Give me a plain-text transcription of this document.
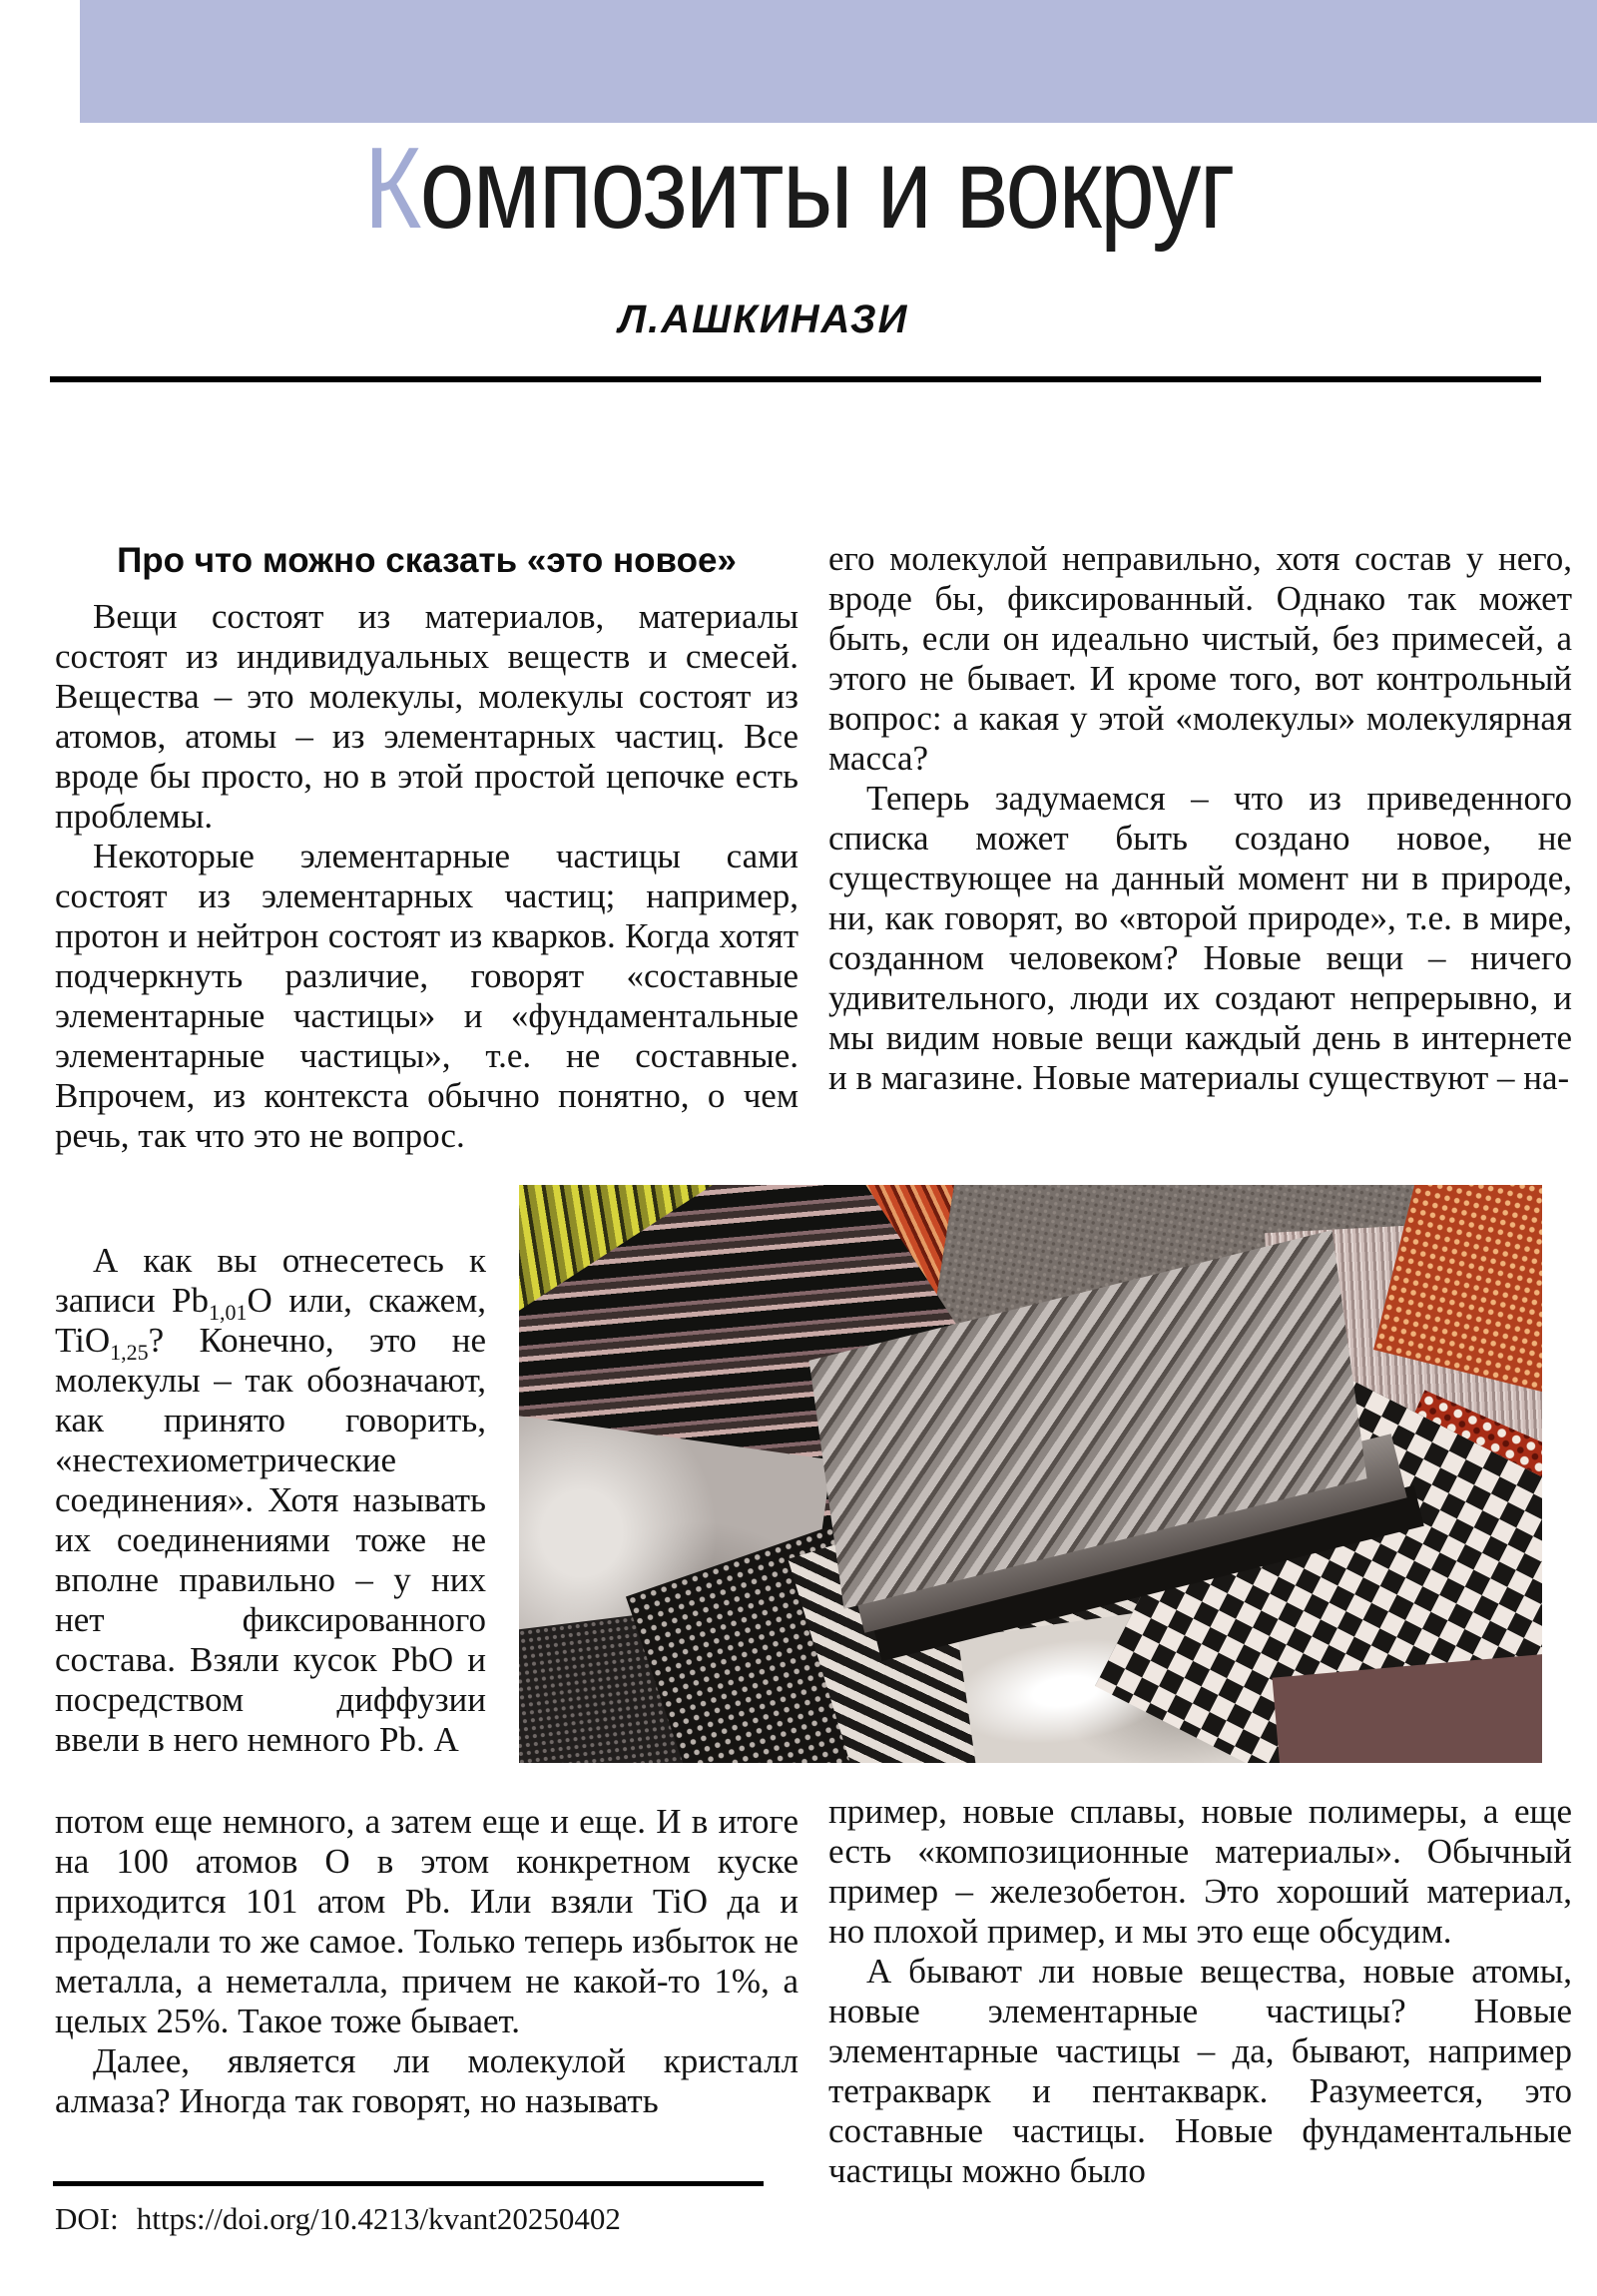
Композиты и вокруг
Л.АШКИНАЗИ
Про что можно сказать «это новое»

Вещи состоят из материалов, материалы состоят из индивидуальных веществ и смесей. Вещества – это молекулы, молекулы состоят из атомов, атомы – из элементарных частиц. Все вроде бы просто, но в этой простой цепочке есть проблемы.

Некоторые элементарные частицы сами состоят из элементарных частиц; например, протон и нейтрон состоят из кварков. Когда хотят подчеркнуть различие, говорят «составные элементарные частицы» и «фундаментальные элементарные частицы», т.е. не составные. Впрочем, из контекста обычно понятно, о чем речь, так что это не вопрос.

А как вы отнесетесь к записи $Pb_{1,01}O$ или, скажем, TiO$_{1,25}$? Конечно, это не молекулы – так обозначают, как принято говорить, «нестехиометрические соединения». Хотя называть их соединениями тоже не вполне правильно – у них нет фиксированного состава. Взяли кусок PbO и посредством диффузии ввели в него немного Pb. А

потом еще немного, а затем еще и еще. И в итоге на 100 атомов О в этом конкретном куске приходится 101 атом Pb. Или взяли TiO да и проделали то же самое. Только теперь избыток не металла, а неметалла, причем не какой-то 1%, а целых 25%. Такое тоже бывает.

Далее, является ли молекулой кристалл алмаза? Иногда так говорят, но называть

его молекулой неправильно, хотя состав у него, вроде бы, фиксированный. Однако так может быть, если он идеально чистый, без примесей, а этого не бывает. И кроме того, вот контрольный вопрос: а какая у этой «молекулы» молекулярная масса?

Теперь задумаемся – что из приведенного списка может быть создано новое, не существующее на данный момент ни в природе, ни, как говорят, во «второй природе», т.е. в мире, созданном человеком? Новые вещи – ничего удивительного, люди их создают непрерывно, и мы видим новые вещи каждый день в интернете и в магазине. Новые материалы существуют – на-

пример, новые сплавы, новые полимеры, а еще есть «композиционные материалы». Обычный пример – железобетон. Это хороший материал, но плохой пример, и мы это еще обсудим.

А бывают ли новые вещества, новые атомы, новые элементарные частицы? Новые элементарные частицы – да, бывают, например тетракварк и пентакварк. Разумеется, это составные частицы. Новые фундаментальные частицы можно было

DOI: https://doi.org/10.4213/kvant20250402
